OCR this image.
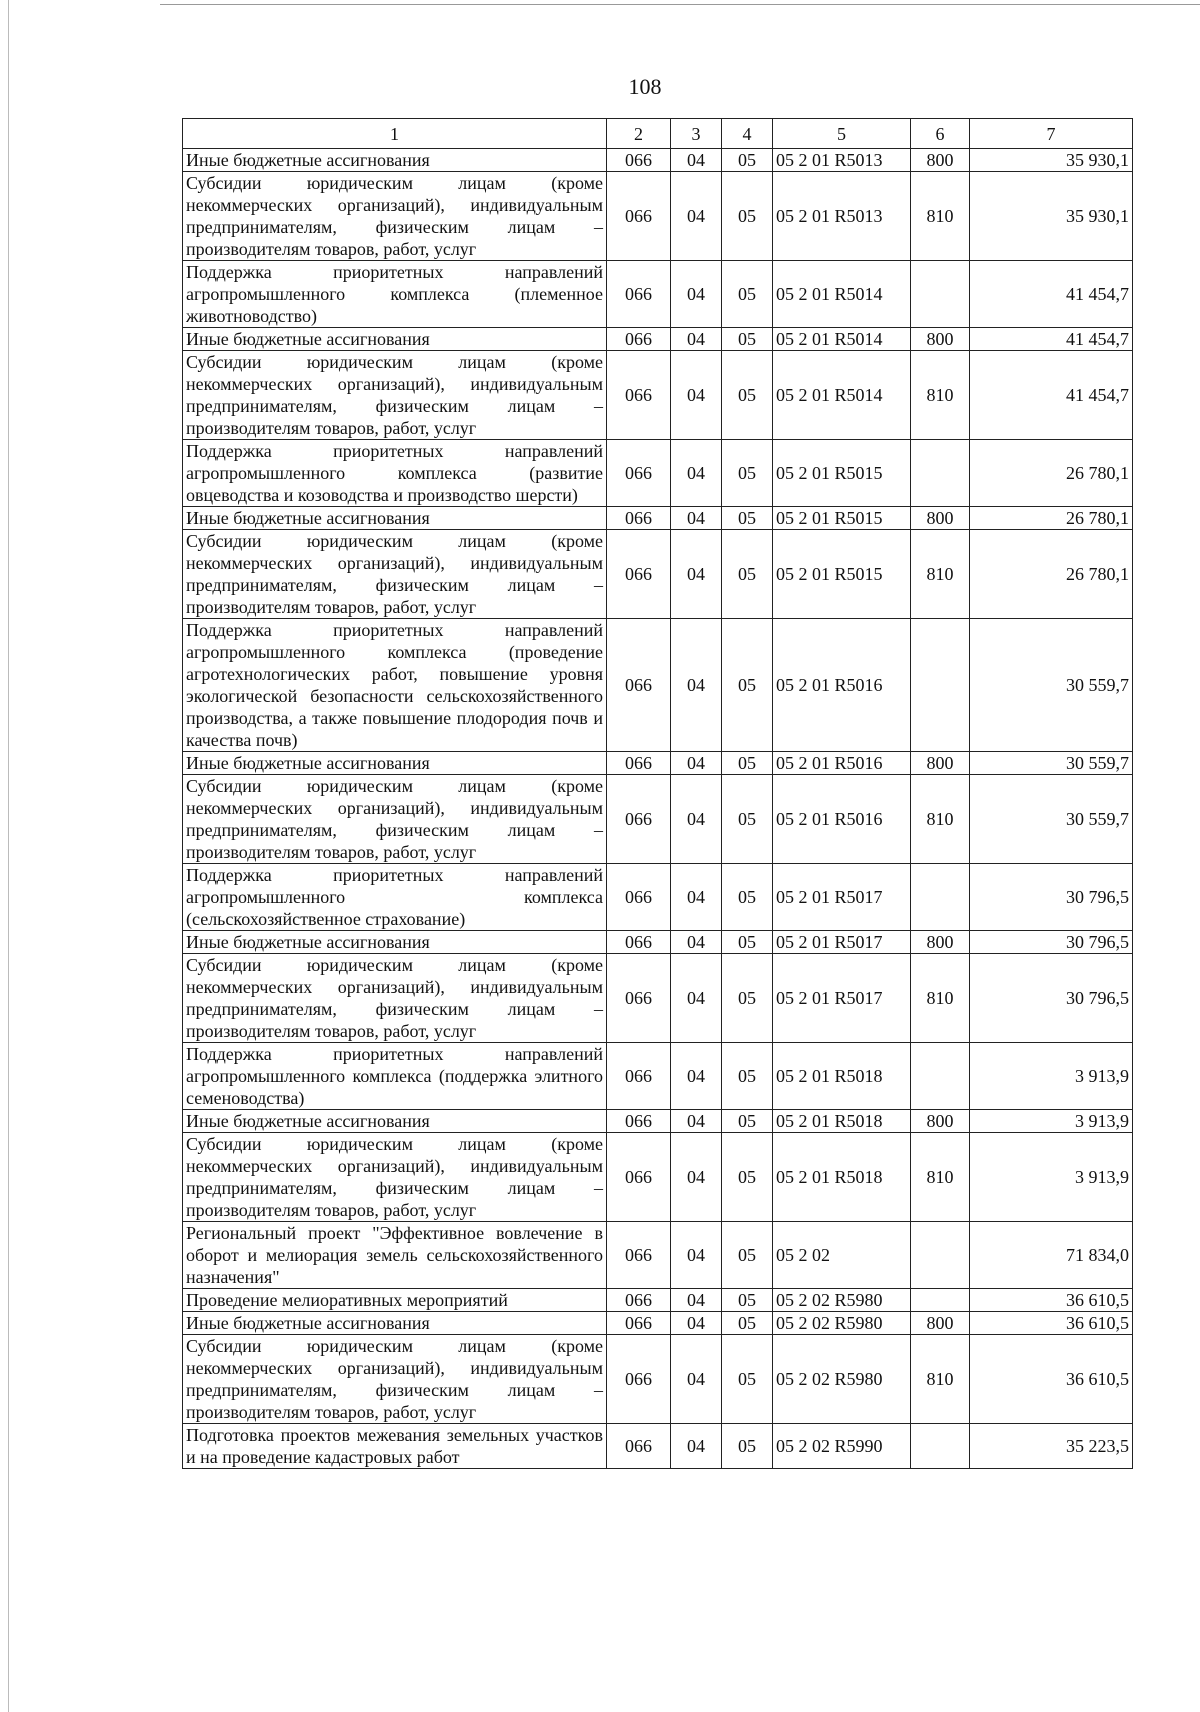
108
1	2	3	4	5	6	7
Иные бюджетные ассигнования	066	04	05	05 2 01 R5013	800	35 930,1
Субсидии юридическим лицам (кроме некоммерческих организаций), индивидуальным предпринимателям, физическим лицам – производителям товаров, работ, услуг	066	04	05	05 2 01 R5013	810	35 930,1
Поддержка приоритетных направлений агропромышленного комплекса (племенное животноводство)	066	04	05	05 2 01 R5014		41 454,7
Иные бюджетные ассигнования	066	04	05	05 2 01 R5014	800	41 454,7
Субсидии юридическим лицам (кроме некоммерческих организаций), индивидуальным предпринимателям, физическим лицам – производителям товаров, работ, услуг	066	04	05	05 2 01 R5014	810	41 454,7
Поддержка приоритетных направлений агропромышленного комплекса (развитие овцеводства и козоводства и производство шерсти)	066	04	05	05 2 01 R5015		26 780,1
Иные бюджетные ассигнования	066	04	05	05 2 01 R5015	800	26 780,1
Субсидии юридическим лицам (кроме некоммерческих организаций), индивидуальным предпринимателям, физическим лицам – производителям товаров, работ, услуг	066	04	05	05 2 01 R5015	810	26 780,1
Поддержка приоритетных направлений агропромышленного комплекса (проведение агротехнологических работ, повышение уровня экологической безопасности сельскохозяйственного производства, а также повышение плодородия почв и качества почв)	066	04	05	05 2 01 R5016		30 559,7
Иные бюджетные ассигнования	066	04	05	05 2 01 R5016	800	30 559,7
Субсидии юридическим лицам (кроме некоммерческих организаций), индивидуальным предпринимателям, физическим лицам – производителям товаров, работ, услуг	066	04	05	05 2 01 R5016	810	30 559,7
Поддержка приоритетных направлений агропромышленного комплекса (сельскохозяйственное страхование)	066	04	05	05 2 01 R5017		30 796,5
Иные бюджетные ассигнования	066	04	05	05 2 01 R5017	800	30 796,5
Субсидии юридическим лицам (кроме некоммерческих организаций), индивидуальным предпринимателям, физическим лицам – производителям товаров, работ, услуг	066	04	05	05 2 01 R5017	810	30 796,5
Поддержка приоритетных направлений агропромышленного комплекса (поддержка элитного семеноводства)	066	04	05	05 2 01 R5018		3 913,9
Иные бюджетные ассигнования	066	04	05	05 2 01 R5018	800	3 913,9
Субсидии юридическим лицам (кроме некоммерческих организаций), индивидуальным предпринимателям, физическим лицам – производителям товаров, работ, услуг	066	04	05	05 2 01 R5018	810	3 913,9
Региональный проект "Эффективное вовлечение в оборот и мелиорация земель сельскохозяйственного назначения"	066	04	05	05 2 02		71 834,0
Проведение мелиоративных мероприятий	066	04	05	05 2 02 R5980		36 610,5
Иные бюджетные ассигнования	066	04	05	05 2 02 R5980	800	36 610,5
Субсидии юридическим лицам (кроме некоммерческих организаций), индивидуальным предпринимателям, физическим лицам – производителям товаров, работ, услуг	066	04	05	05 2 02 R5980	810	36 610,5
Подготовка проектов межевания земельных участков и на проведение кадастровых работ	066	04	05	05 2 02 R5990		35 223,5
